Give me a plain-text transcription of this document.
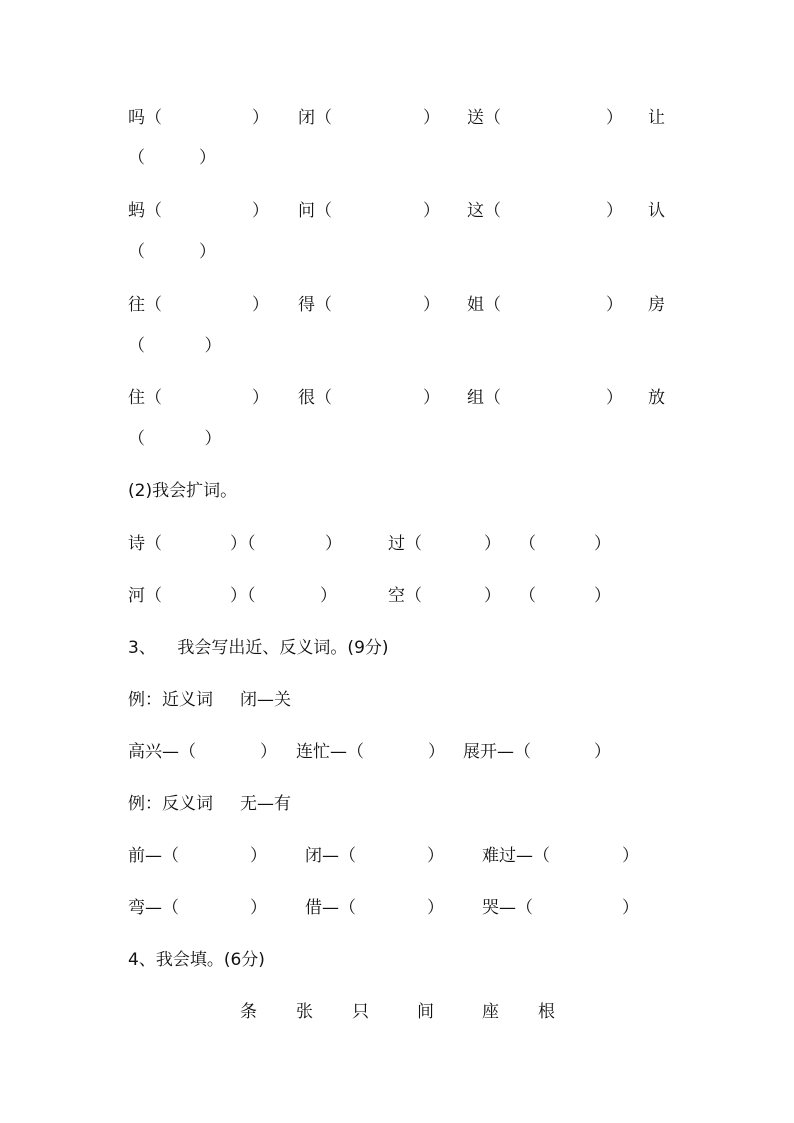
吗（	） 闭（	） 送（	） 让
（          ）
蚂（	） 问（	） 这（	） 认
（          ）
往（	） 得（	） 姐（	） 房
（           ）
住（	） 很（	） 组（	） 放
（           ）
(2)我会扩词。
诗（	）（	）	过（	） （	）
河（	）（	）	空（	） （	）
3、    我会写出近、反义词。(9分)
例：近义词     闭—关
高兴—（	） 连忙—（	） 展开—（	）
例：反义词     无—有
前—（	） 闭—（	） 难过—（	）
弯—（	） 借—（	） 哭—（	）
4、我会填。(6分)
条 张 只	间	座 根
